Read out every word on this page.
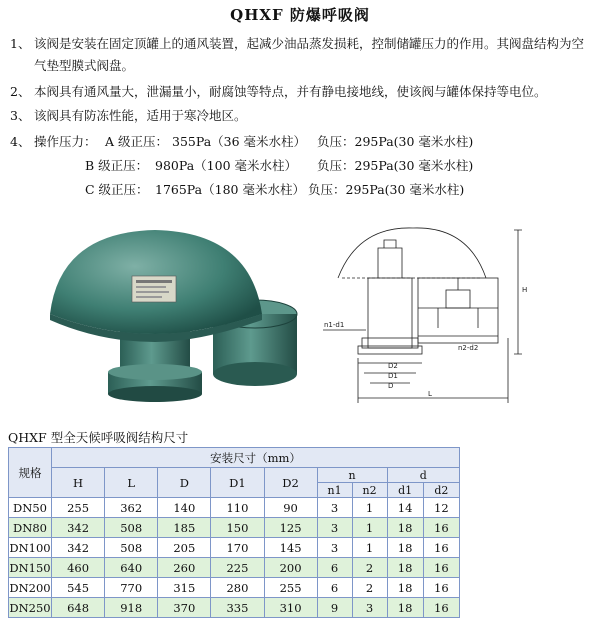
QHXF 防爆呼吸阀
1、 该阀是安装在固定顶罐上的通风装置，起减少油品蒸发损耗，控制储罐压力的作用。其阀盘结构为空
气垫型膜式阀盘。
2、 本阀具有通风量大，泄漏量小，耐腐蚀等特点，并有静电接地线，使该阀与罐体保持等电位。
3、 该阀具有防冻性能，适用于寒冷地区。
4、 操作压力： A 级正压： 355Pa（36 毫米水柱） 负压：295Pa(30 毫米水柱)
B 级正压： 980Pa（100 毫米水柱） 负压：295Pa(30 毫米水柱)
C 级正压： 1765Pa（180 毫米水柱） 负压：295Pa(30 毫米水柱)
H
D2
D1
D
L
n1-d1
n2-d2
QHXF 型全天候呼吸阀结构尺寸
规格	安装尺寸（mm）								
	H	L	D	D1	D2	n		d	
						n1	n2	d1	d2
DN50	255	362	140	110	90	3	1	14	12
DN80	342	508	185	150	125	3	1	18	16
DN100	342	508	205	170	145	3	1	18	16
DN150	460	640	260	225	200	6	2	18	16
DN200	545	770	315	280	255	6	2	18	16
DN250	648	918	370	335	310	9	3	18	16
